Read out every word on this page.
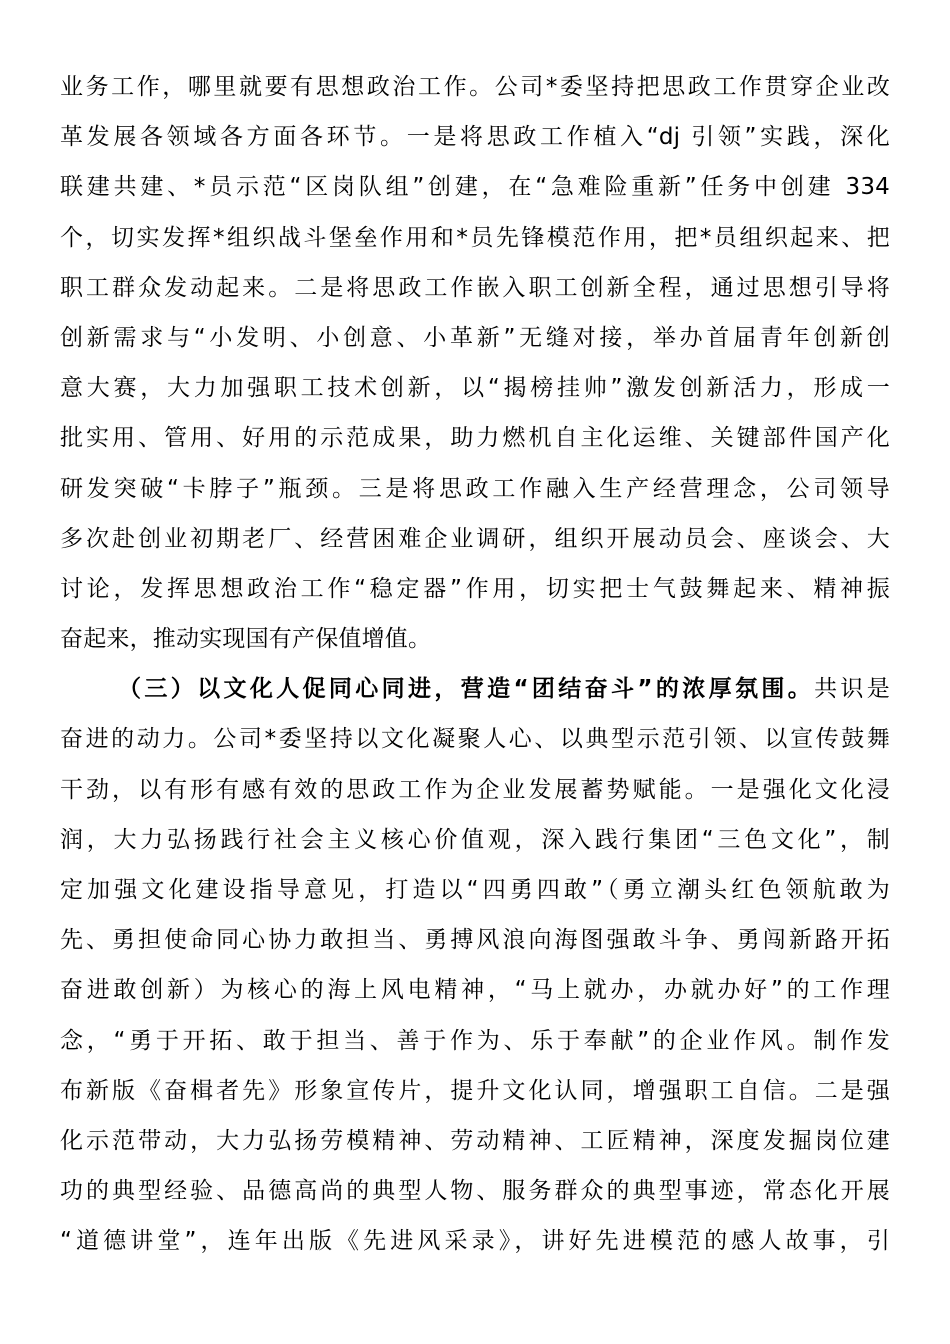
业务工作，哪里就要有思想政治工作。公司*委坚持把思政工作贯穿企业改
革发展各领域各方面各环节。一是将思政工作植入“dj 引领”实践，深化
联建共建、*员示范“区岗队组”创建，在“急难险重新”任务中创建 334
个，切实发挥*组织战斗堡垒作用和*员先锋模范作用，把*员组织起来、把
职工群众发动起来。二是将思政工作嵌入职工创新全程，通过思想引导将
创新需求与“小发明、小创意、小革新”无缝对接，举办首届青年创新创
意大赛，大力加强职工技术创新，以“揭榜挂帅”激发创新活力，形成一
批实用、管用、好用的示范成果，助力燃机自主化运维、关键部件国产化
研发突破“卡脖子”瓶颈。三是将思政工作融入生产经营理念，公司领导
多次赴创业初期老厂、经营困难企业调研，组织开展动员会、座谈会、大
讨论，发挥思想政治工作“稳定器”作用，切实把士气鼓舞起来、精神振
奋起来，推动实现国有产保值增值。
（三）以文化人促同心同进，营造“团结奋斗”的浓厚氛围。共识是
奋进的动力。公司*委坚持以文化凝聚人心、以典型示范引领、以宣传鼓舞
干劲，以有形有感有效的思政工作为企业发展蓄势赋能。一是强化文化浸
润，大力弘扬践行社会主义核心价值观，深入践行集团“三色文化”，制
定加强文化建设指导意见，打造以“四勇四敢”（勇立潮头红色领航敢为
先、勇担使命同心协力敢担当、勇搏风浪向海图强敢斗争、勇闯新路开拓
奋进敢创新）为核心的海上风电精神，“马上就办，办就办好”的工作理
念，“勇于开拓、敢于担当、善于作为、乐于奉献”的企业作风。制作发
布新版《奋楫者先》形象宣传片，提升文化认同，增强职工自信。二是强
化示范带动，大力弘扬劳模精神、劳动精神、工匠精神，深度发掘岗位建
功的典型经验、品德高尚的典型人物、服务群众的典型事迹，常态化开展
“道德讲堂”，连年出版《先进风采录》，讲好先进模范的感人故事，引
